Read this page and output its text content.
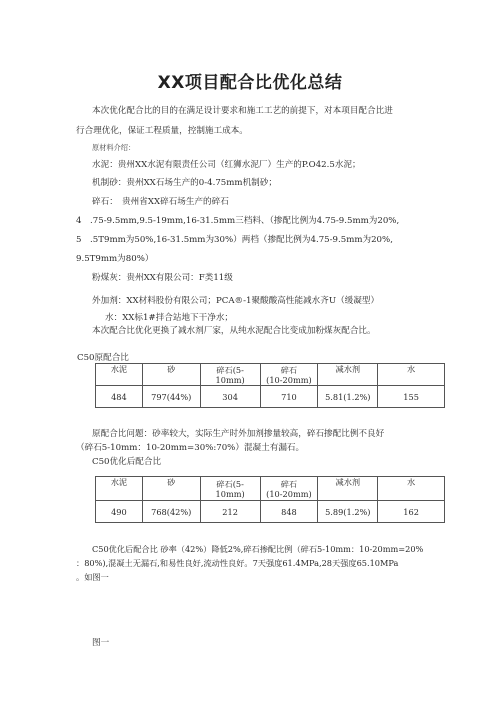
XX项目配合比优化总结
本次优化配合比的目的在满足设计要求和施工工艺的前提下，对本项目配合比进
行合理优化，保证工程质量，控制施工成本。
原材料介绍：
水泥：贵州XX水泥有限责任公司（红狮水泥厂）生产的P.O42.5水泥；
机制砂：贵州XX石场生产的0-4.75mm机制砂；
碎石：　贵州省XX碎石场生产的碎石
4　.75-9.5mm,9.5-19mm,16-31.5mm三档料、（掺配比例为4.75-9.5mm为20%,
5　.5T9mm为50%,16-31.5mm为30%）两档（掺配比例为4.75-9.5mm为20%,
9.5T9mm为80%）
粉煤灰：贵州XX有限公司：F类11级
外加剂：XX材料股份有限公司；PCA®-1聚酸酸高性能减水齐U（缓凝型）
水：XX标1#拌合站地下干净水；
本次配合比优化更换了减水剂厂家，从纯水泥配合比变成加粉煤灰配合比。
C50原配合比
水泥	砂	碎石(5-
10mm)	碎石
(10-20mm)	减水剂	水
484	797(44%)	304	710	5.81(1.2%)	155
原配合比问题：砂率较大，实际生产时外加剂掺量较高，碎石掺配比例不良好
（碎石5-10mm：10-20mm=30%:70%）混凝土有漏石。
C50优化后配合比
水泥	砂	碎石(5-
10mm)	碎石
(10-20mm)	减水剂	水
490	768(42%)	212	848	5.89(1.2%)	162
C50优化后配合比 砂率（42%）降低2%,碎石掺配比例（碎石5-10mm：10-20mm=20%
：80%),混凝土无漏石,和易性良好,流动性良好。7天强度61.4MPa,28天强度65.10MPa
。如图一
图一
